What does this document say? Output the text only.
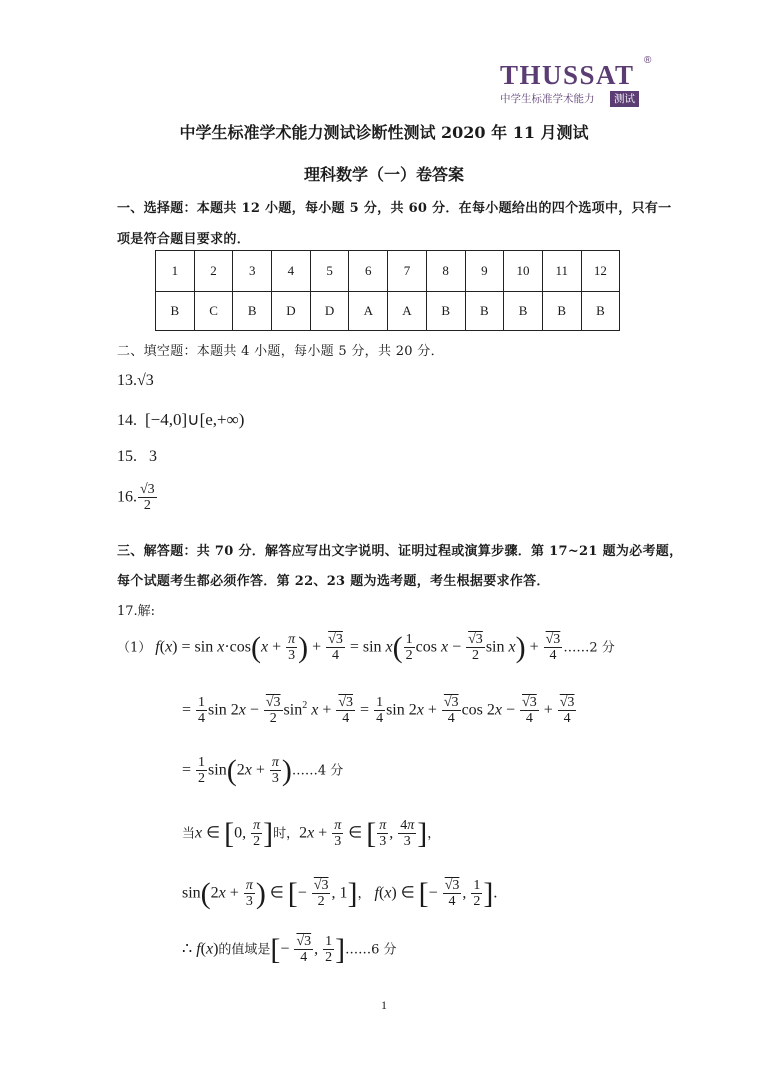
THUSSAT ®
中学生标准学术能力	测试
中学生标准学术能力测试诊断性测试 2020 年 11 月测试
理科数学（一）卷答案
一、选择题：本题共 12 小题，每小题 5 分，共 60 分．在每小题给出的四个选项中，只有一
项是符合题目要求的．
1	2	3	4	5	6	7	8	9	10	11	12
B	C	B	D	D	A	A	B	B	B	B	B
二、填空题：本题共 4 小题，每小题 5 分，共 20 分．
13.√3
14. [−4,0]∪[e,+∞)
15. 3
16. $\frac{√3}{2}$
三、解答题：共 70 分．解答应写出文字说明、证明过程或演算步骤．第 17~21 题为必考题，
每个试题考生都必须作答．第 22、23 题为选考题，考生根据要求作答．
17.解:
（1） $f(x) = \sin x\cdot\cos(x + \frac{\pi}{3}$ ) + $\frac{√3}{4} = \sin x( \frac{1}{2}$ $\cos x - \frac{√3}{2}$ $\sin x) + \frac{√3}{4}$ ……2 分
= $\frac{1}{4}$ $\sin 2x - \frac{√3}{2} \sin^2 x + \frac{√3}{4} = \frac{1}{4}$ $\sin 2x + \frac{√3}{4}$ $\cos 2x - \frac{√3}{4} + \frac{√3}{4}$
= $\frac{1}{2} \sin(2x + \frac{\pi}{3}$ )……4 分
当x ∈ [0, $\frac{\pi}{2}$ ]时，$2x + \frac{\pi}{3}$ ∈ [ $\frac{\pi}{3}$ , $\frac{4\pi}{3}$ ]，
$\sin(2x + \frac{\pi}{3}$ ) ∈ [− $\frac{√3}{2}$ , 1]， f(x) ∈ [− $\frac{√3}{4}$ , $\frac{1}{2}$ ].
∴ f(x)的值域是[− $\frac{√3}{4}$ , $\frac{1}{2}$ ]……6 分
1
